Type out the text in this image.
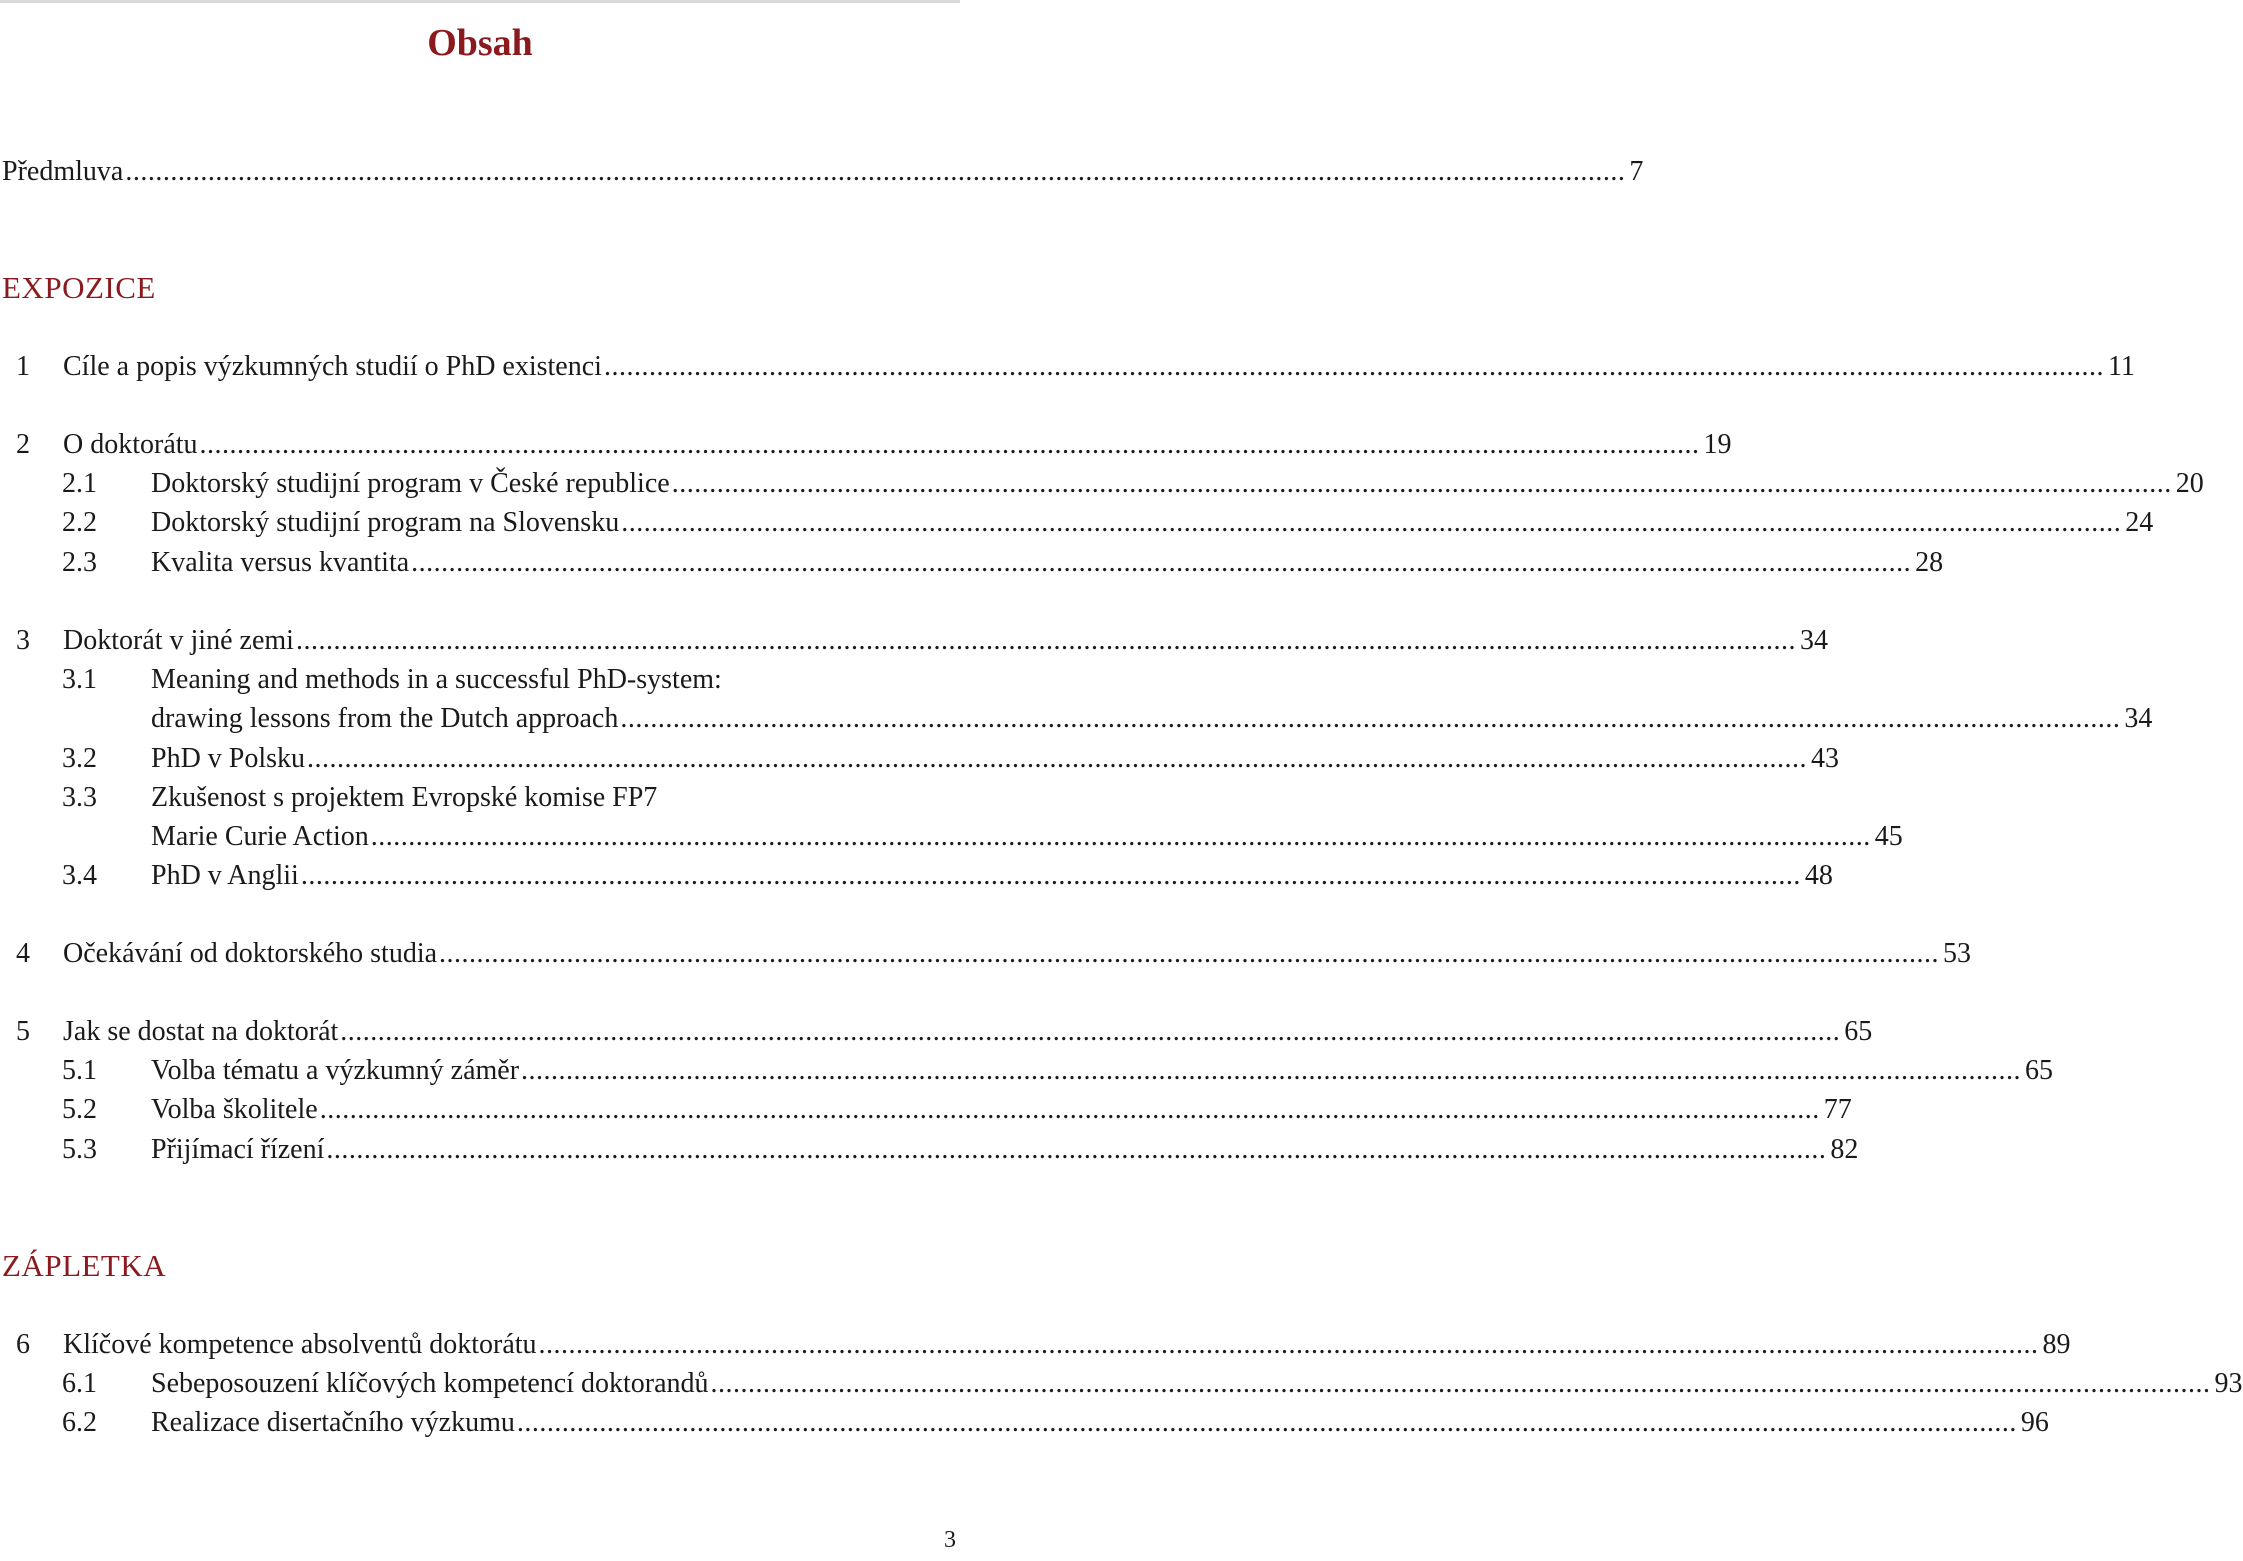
Obsah
Předmluva ........................................................................................................................................................................................................ 7
EXPOZICE
1 Cíle a popis výzkumných studií o PhD existenci ........................................................................................................................................................................................................ 11
2 O doktorátu ........................................................................................................................................................................................................ 19
2.1 Doktorský studijní program v České republice ........................................................................................................................................................................................................ 20
2.2 Doktorský studijní program na Slovensku ........................................................................................................................................................................................................ 24
2.3 Kvalita versus kvantita ........................................................................................................................................................................................................ 28
3 Doktorát v jiné zemi ........................................................................................................................................................................................................ 34
3.1 Meaning and methods in a successful PhD-system:
drawing lessons from the Dutch approach ........................................................................................................................................................................................................ 34
3.2 PhD v Polsku ........................................................................................................................................................................................................ 43
3.3 Zkušenost s projektem Evropské komise FP7
Marie Curie Action ........................................................................................................................................................................................................ 45
3.4 PhD v Anglii ........................................................................................................................................................................................................ 48
4 Očekávání od doktorského studia ........................................................................................................................................................................................................ 53
5 Jak se dostat na doktorát ........................................................................................................................................................................................................ 65
5.1 Volba tématu a výzkumný záměr ........................................................................................................................................................................................................ 65
5.2 Volba školitele ........................................................................................................................................................................................................ 77
5.3 Přijímací řízení ........................................................................................................................................................................................................ 82
ZÁPLETKA
6 Klíčové kompetence absolventů doktorátu ........................................................................................................................................................................................................ 89
6.1 Sebeposouzení klíčových kompetencí doktorandů ........................................................................................................................................................................................................ 93
6.2 Realizace disertačního výzkumu ........................................................................................................................................................................................................ 96
3
